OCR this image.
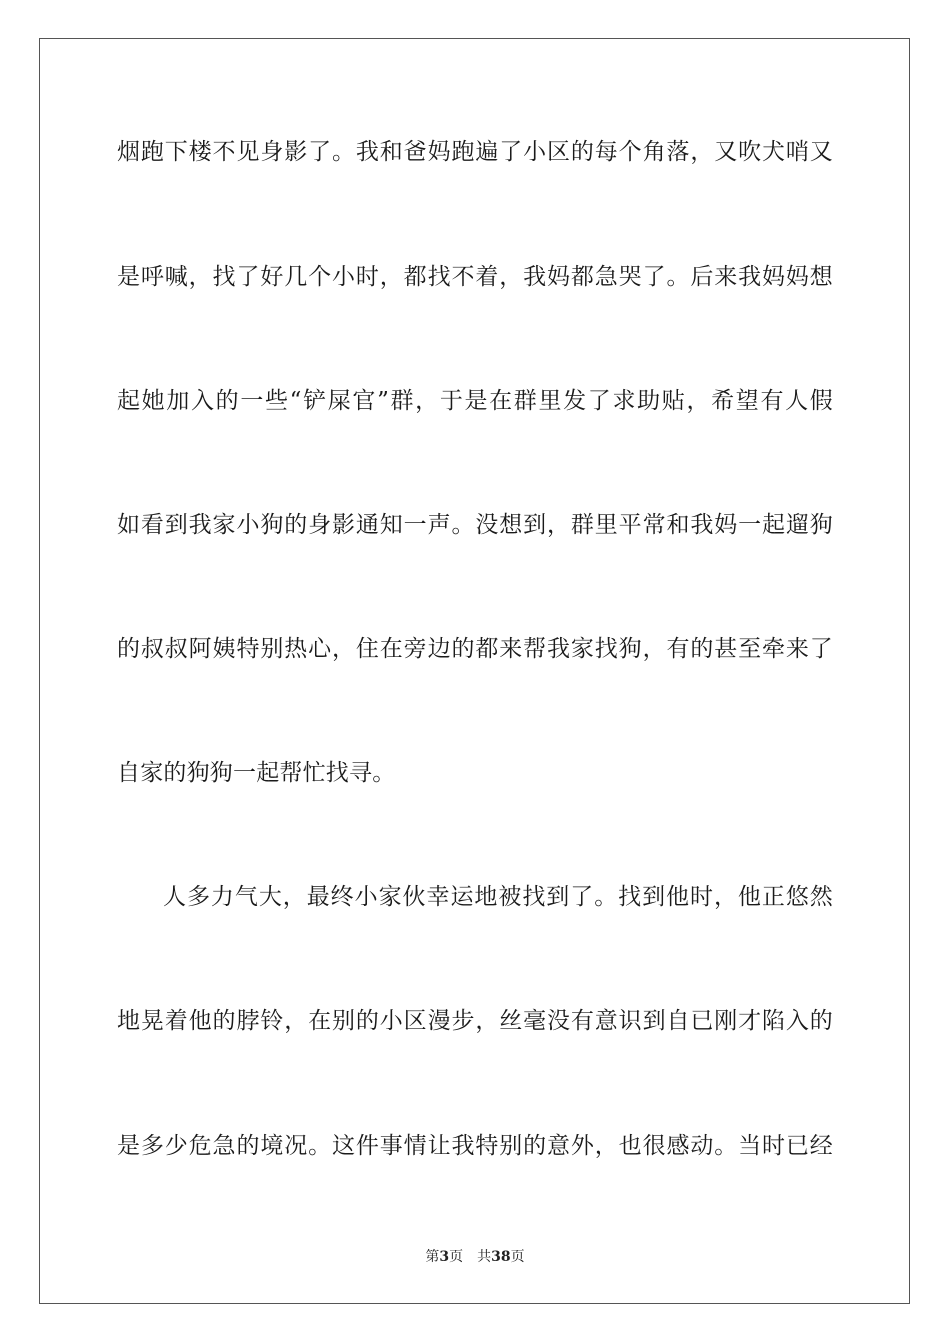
烟跑下楼不见身影了。我和爸妈跑遍了小区的每个角落，又吹犬哨又
是呼喊，找了好几个小时，都找不着，我妈都急哭了。后来我妈妈想
起她加入的一些“铲屎官”群，于是在群里发了求助贴，希望有人假
如看到我家小狗的身影通知一声。没想到，群里平常和我妈一起遛狗
的叔叔阿姨特别热心，住在旁边的都来帮我家找狗，有的甚至牵来了
自家的狗狗一起帮忙找寻。
人多力气大，最终小家伙幸运地被找到了。找到他时，他正悠然
地晃着他的脖铃，在别的小区漫步，丝毫没有意识到自已刚才陷入的
是多少危急的境况。这件事情让我特别的意外，也很感动。当时已经
第3页 共38页
